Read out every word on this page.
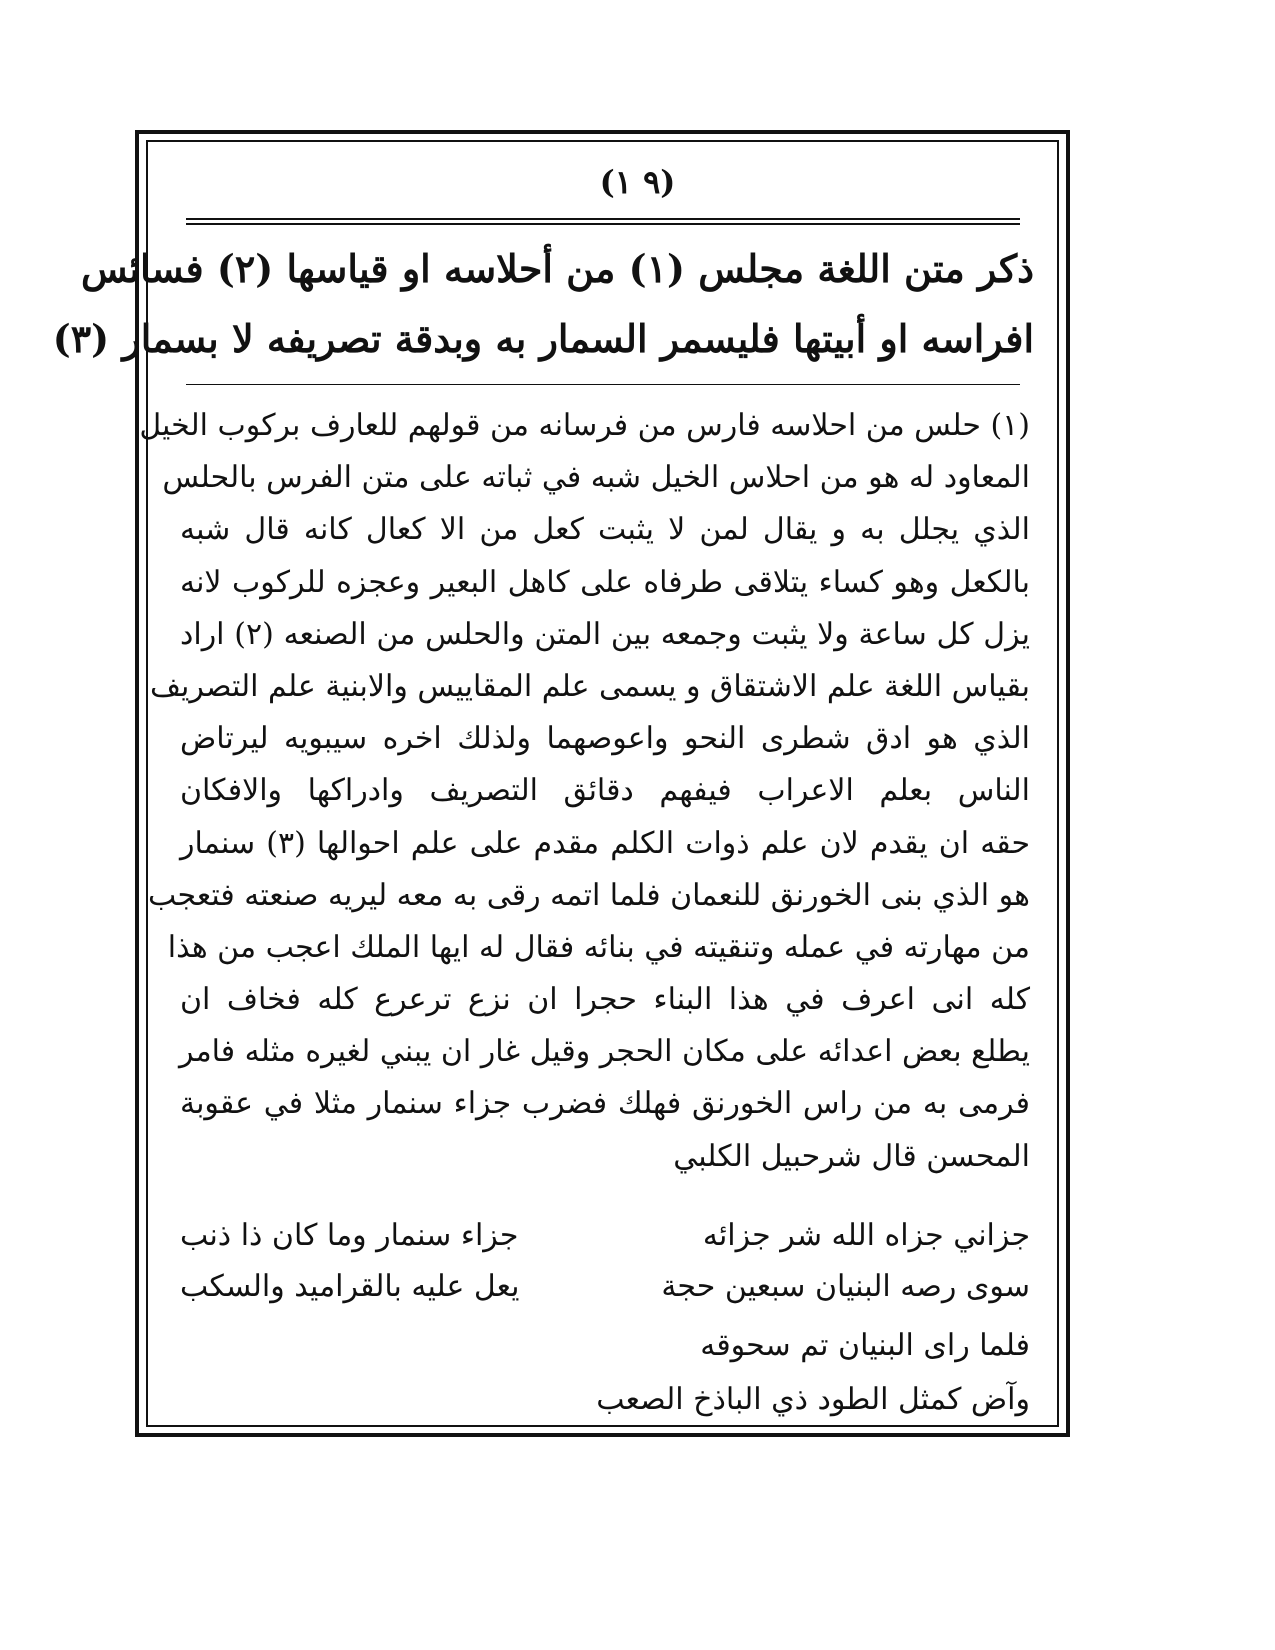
(٩ ١)
ذكر متن اللغة مجلس (١) من أحلاسه او قياسها (٢) فسائس
افراسه او أبيتها فليسمر السمار به وبدقة تصريفه لا بسمار (٣)
(١) حلس من احلاسه فارس من فرسانه من قولهم للعارف بركوب الخيل
المعاود له هو من احلاس الخيل شبه في ثباته على متن الفرس بالحلس
الذي يجلل به و يقال لمن لا يثبت كعل من الا كعال كانه قال شبه
بالكعل وهو كساء يتلاقى طرفاه على كاهل البعير وعجزه للركوب لانه
يزل كل ساعة ولا يثبت وجمعه بين المتن والحلس من الصنعه (٢) اراد
بقياس اللغة علم الاشتقاق و يسمى علم المقاييس والابنية علم التصريف
الذي هو ادق شطرى النحو واعوصهما ولذلك اخره سيبويه ليرتاض
الناس بعلم الاعراب فيفهم دقائق التصريف وادراكها والافكان
حقه ان يقدم لان علم ذوات الكلم مقدم على علم احوالها (٣) سنمار
هو الذي بنى الخورنق للنعمان فلما اتمه رقى به معه ليريه صنعته فتعجب
من مهارته في عمله وتنقيته في بنائه فقال له ايها الملك اعجب من هذا
كله انى اعرف في هذا البناء حجرا ان نزع ترعرع كله فخاف ان
يطلع بعض اعدائه على مكان الحجر وقيل غار ان يبني لغيره مثله فامر
فرمى به من راس الخورنق فهلك فضرب جزاء سنمار مثلا في عقوبة
المحسن قال شرحبيل الكلبي
جزاني جزاه الله شر جزائه
جزاء سنمار وما كان ذا ذنب
سوى رصه البنيان سبعين حجة
يعل عليه بالقراميد والسكب
فلما راى البنيان تم سحوقه
وآض كمثل الطود ذي الباذخ الصعب
